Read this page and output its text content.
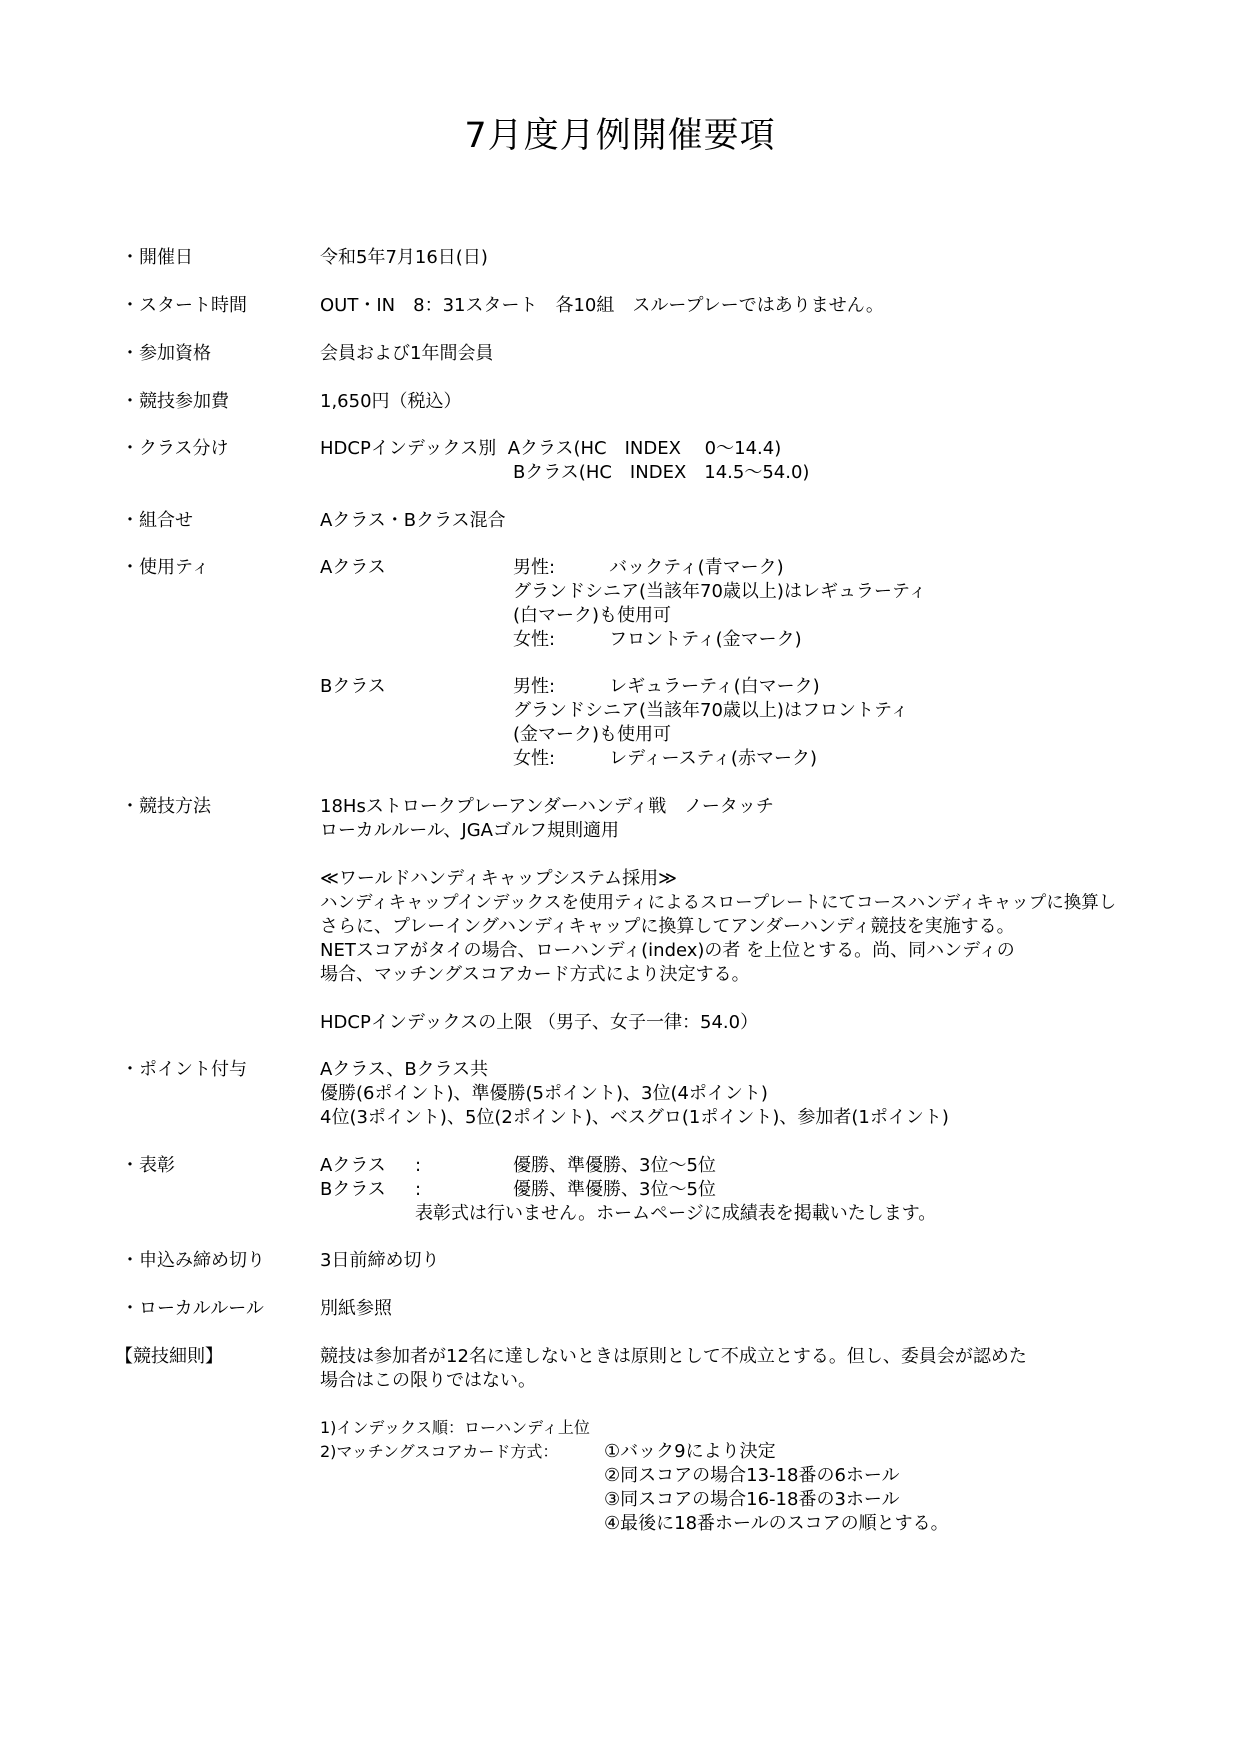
7月度月例開催要項
・開催日	令和5年7月16日(日)
・スタート時間	OUT・IN　8：31スタート　各10組　スループレーではありません。
・参加資格	会員および1年間会員
・競技参加費	1,650円（税込）
・クラス分け	HDCPインデックス別  Aクラス(HC　INDEX　 0～14.4)
Bクラス(HC　INDEX　14.5～54.0)
・組合せ	Aクラス・Bクラス混合
・使用ティ	Aクラス	男性:　　　バックティ(青マーク)
グランドシニア(当該年70歳以上)はレギュラーティ
(白マーク)も使用可
女性:　　　フロントティ(金マーク)
Bクラス	男性:　　　レギュラーティ(白マーク)
グランドシニア(当該年70歳以上)はフロントティ
(金マーク)も使用可
女性:　　　レディースティ(赤マーク)
・競技方法	18Hsストロークプレーアンダーハンディ戦　ノータッチ
ローカルルール、JGAゴルフ規則適用
≪ワールドハンディキャップシステム採用≫
ハンディキャップインデックスを使用ティによるスロープレートにてコースハンディキャップに換算し
さらに、プレーイングハンディキャップに換算してアンダーハンディ競技を実施する。
NETスコアがタイの場合、ローハンディ(index)の者 を上位とする。尚、同ハンディの
場合、マッチングスコアカード方式により決定する。
HDCPインデックスの上限 （男子、女子一律：54.0）
・ポイント付与	Aクラス、Bクラス共
優勝(6ポイント)、準優勝(5ポイント)、3位(4ポイント)
4位(3ポイント)、5位(2ポイント)、ベスグロ(1ポイント)、参加者(1ポイント)
・表彰	Aクラス :	優勝、準優勝、3位～5位
Bクラス :	優勝、準優勝、3位～5位
表彰式は行いません。ホームページに成績表を掲載いたします。
・申込み締め切り	3日前締め切り
・ローカルルール	別紙参照
【競技細則】	競技は参加者が12名に達しないときは原則として不成立とする。但し、委員会が認めた
場合はこの限りではない。
1)インデックス順：ローハンディ上位
2)マッチングスコアカード方式：	①バック9により決定
②同スコアの場合13-18番の6ホール
③同スコアの場合16-18番の3ホール
④最後に18番ホールのスコアの順とする。
